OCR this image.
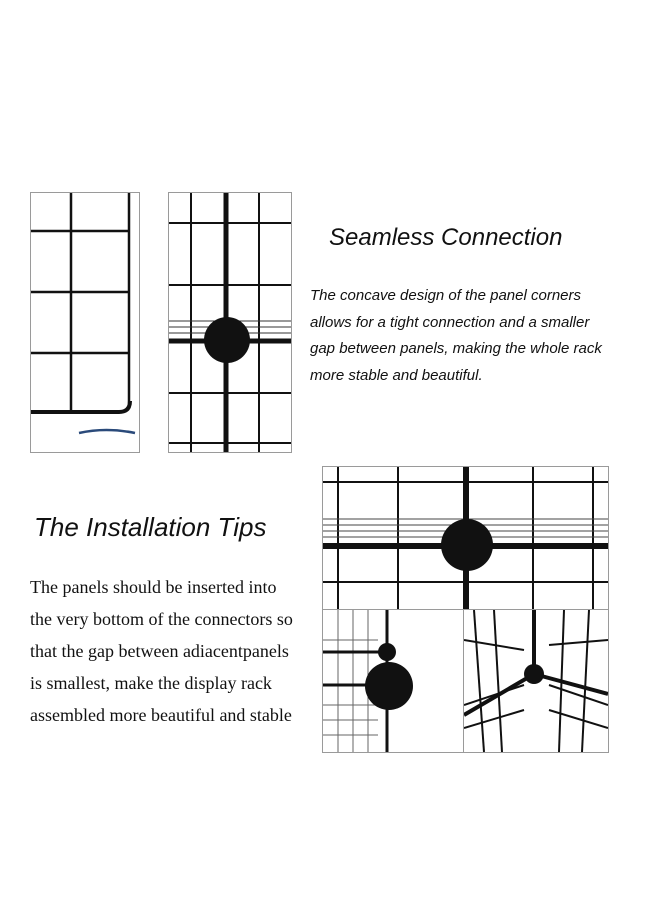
Seamless Connection

The concave design of the panel corners
allows for a tight connection and a smaller
gap between panels, making the whole rack
more stable and beautiful.
The Installation Tips
The panels should be inserted into
the very bottom of the connectors so
that the gap between adiacentpanels
is smallest, make the display rack
assembled more beautiful and stable
